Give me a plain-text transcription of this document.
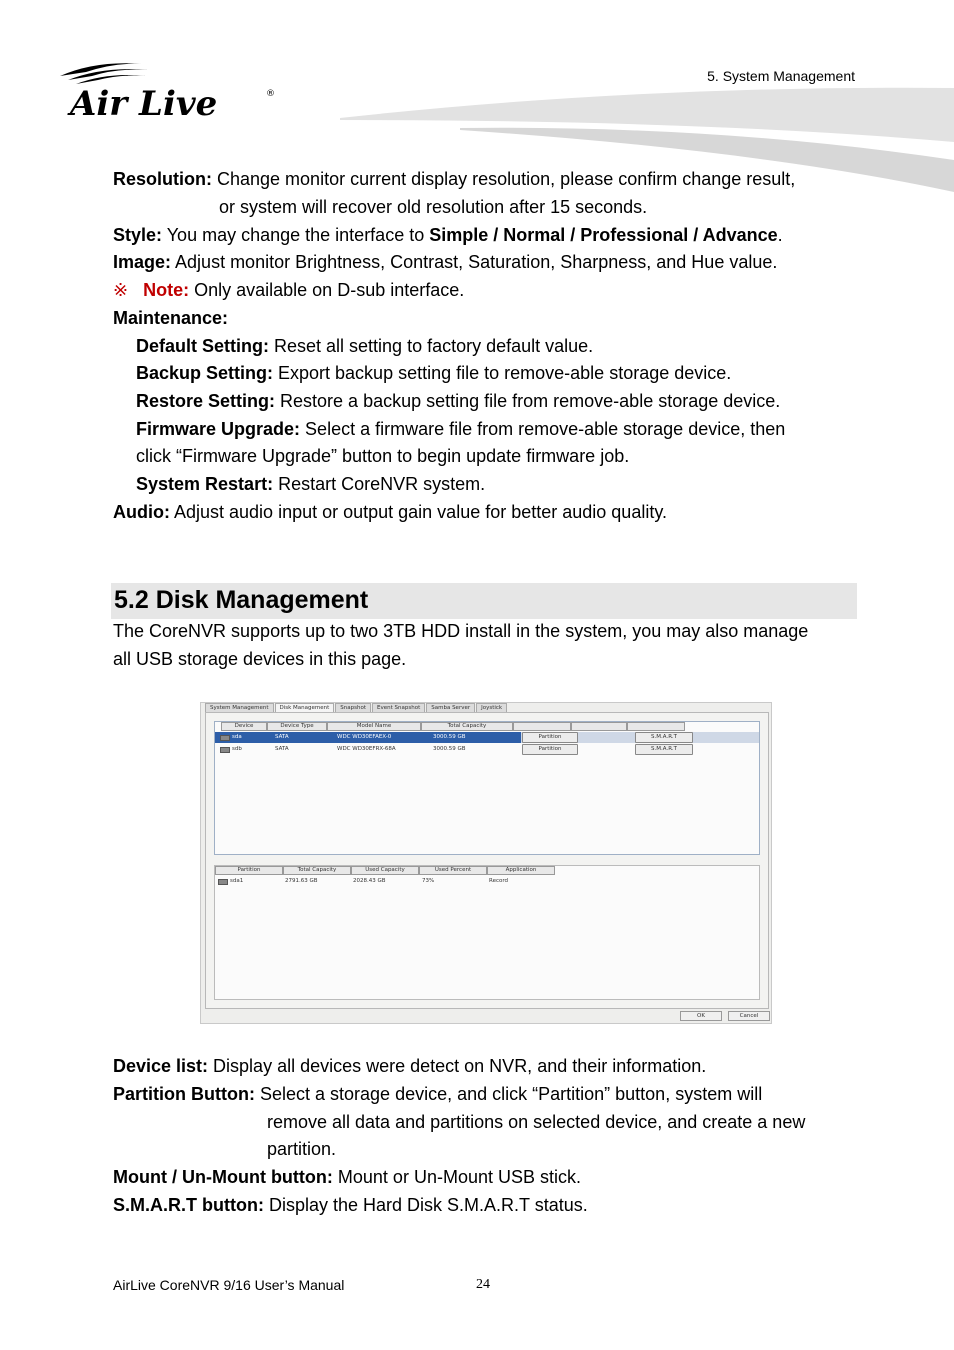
Air Live	®
5. System Management
Resolution: Change monitor current display resolution, please confirm change result,
or system will recover old resolution after 15 seconds.
Style: You may change the interface to Simple / Normal / Professional / Advance.
Image: Adjust monitor Brightness, Contrast, Saturation, Sharpness, and Hue value.
※ Note: Only available on D-sub interface.
Maintenance:
Default Setting: Reset all setting to factory default value.
Backup Setting: Export backup setting file to remove-able storage device.
Restore Setting: Restore a backup setting file from remove-able storage device.
Firmware Upgrade: Select a firmware file from remove-able storage device, then
click “Firmware Upgrade” button to begin update firmware job.
System Restart: Restart CoreNVR system.
Audio: Adjust audio input or output gain value for better audio quality.
5.2 Disk Management
The CoreNVR supports up to two 3TB HDD install in the system, you may also manage
all USB storage devices in this page.
System Management	Disk Management	Snapshot	Event Snapshot	Samba Server	Joystick
Device	Device Type	Model Name	Total Capacity
sda	SATA	WDC WD30EFAEX-0	3000.59 GB	Partition	S.M.A.R.T
sdb	SATA	WDC WD30EFRX-68A	3000.59 GB	Partition	S.M.A.R.T
Partition	Total Capacity	Used Capacity	Used Percent	Application
sda1	2791.63 GB	2028.43 GB	73%	Record
OK	Cancel
Device list: Display all devices were detect on NVR, and their information.
Partition Button: Select a storage device, and click “Partition” button, system will
remove all data and partitions on selected device, and create a new
partition.
Mount / Un-Mount button: Mount or Un-Mount USB stick.
S.M.A.R.T button: Display the Hard Disk S.M.A.R.T status.
AirLive CoreNVR 9/16 User’s Manual	24
